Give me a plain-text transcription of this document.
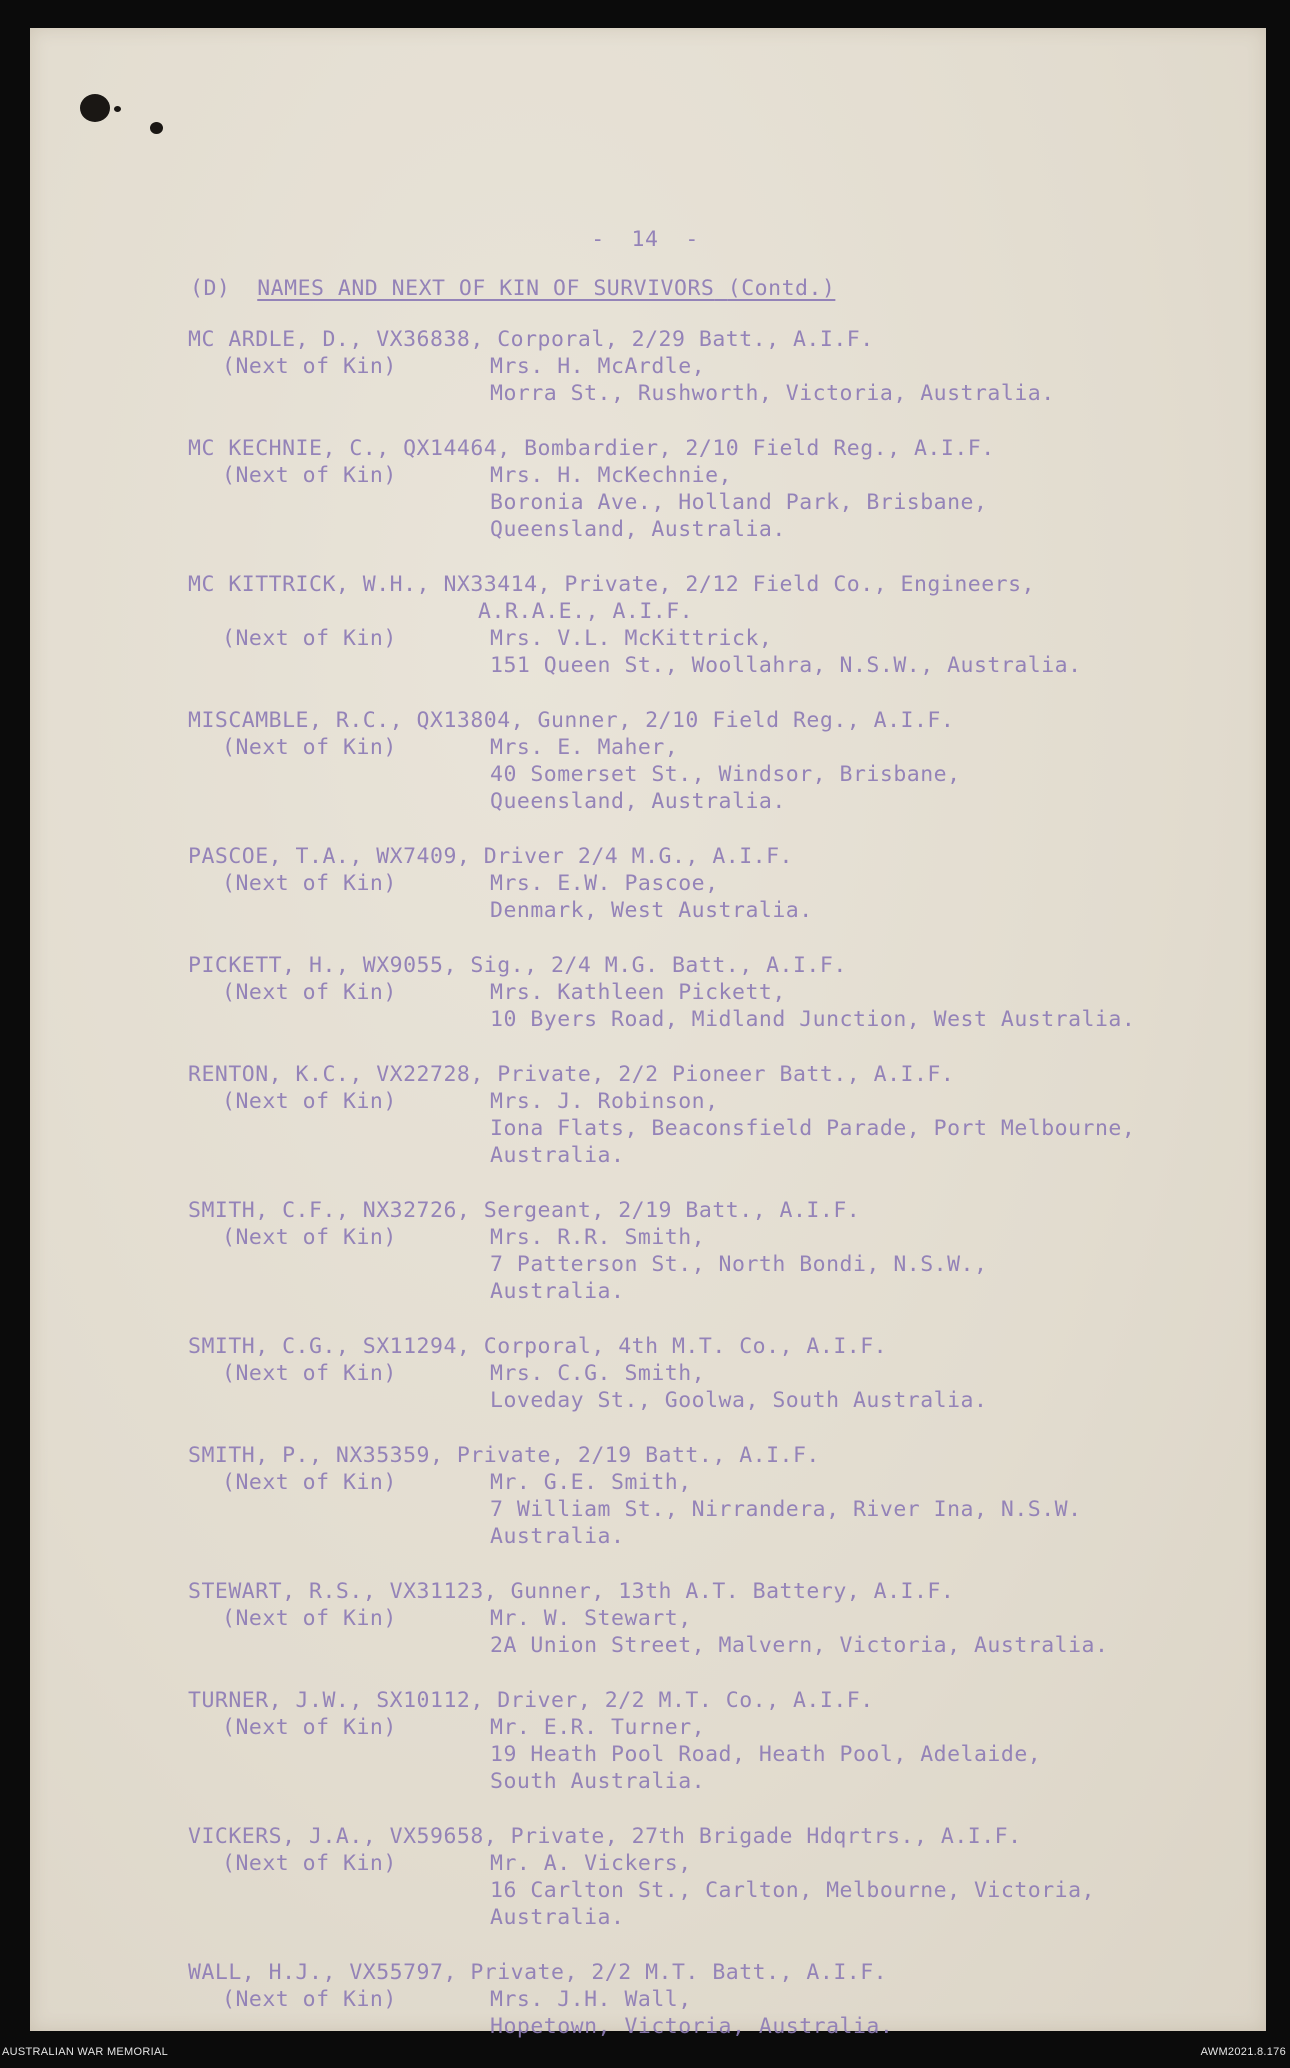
-  14  -
(D) NAMES AND NEXT OF KIN OF SURVIVORS (Contd.)
MC ARDLE, D., VX36838, Corporal, 2/29 Batt., A.I.F.
(Next of Kin)	Mrs. H. McArdle,
Morra St., Rushworth, Victoria, Australia.
MC KECHNIE, C., QX14464, Bombardier, 2/10 Field Reg., A.I.F.
(Next of Kin)	Mrs. H. McKechnie,
Boronia Ave., Holland Park, Brisbane,
Queensland, Australia.
MC KITTRICK, W.H., NX33414, Private, 2/12 Field Co., Engineers,
A.R.A.E., A.I.F.
(Next of Kin)	Mrs. V.L. McKittrick,
151 Queen St., Woollahra, N.S.W., Australia.
MISCAMBLE, R.C., QX13804, Gunner, 2/10 Field Reg., A.I.F.
(Next of Kin)	Mrs. E. Maher,
40 Somerset St., Windsor, Brisbane,
Queensland, Australia.
PASCOE, T.A., WX7409, Driver 2/4 M.G., A.I.F.
(Next of Kin)	Mrs. E.W. Pascoe,
Denmark, West Australia.
PICKETT, H., WX9055, Sig., 2/4 M.G. Batt., A.I.F.
(Next of Kin)	Mrs. Kathleen Pickett,
10 Byers Road, Midland Junction, West Australia.
RENTON, K.C., VX22728, Private, 2/2 Pioneer Batt., A.I.F.
(Next of Kin)	Mrs. J. Robinson,
Iona Flats, Beaconsfield Parade, Port Melbourne,
Australia.
SMITH, C.F., NX32726, Sergeant, 2/19 Batt., A.I.F.
(Next of Kin)	Mrs. R.R. Smith,
7 Patterson St., North Bondi, N.S.W.,
Australia.
SMITH, C.G., SX11294, Corporal, 4th M.T. Co., A.I.F.
(Next of Kin)	Mrs. C.G. Smith,
Loveday St., Goolwa, South Australia.
SMITH, P., NX35359, Private, 2/19 Batt., A.I.F.
(Next of Kin)	Mr. G.E. Smith,
7 William St., Nirrandera, River Ina, N.S.W.
Australia.
STEWART, R.S., VX31123, Gunner, 13th A.T. Battery, A.I.F.
(Next of Kin)	Mr. W. Stewart,
2A Union Street, Malvern, Victoria, Australia.
TURNER, J.W., SX10112, Driver, 2/2 M.T. Co., A.I.F.
(Next of Kin)	Mr. E.R. Turner,
19 Heath Pool Road, Heath Pool, Adelaide,
South Australia.
VICKERS, J.A., VX59658, Private, 27th Brigade Hdqrtrs., A.I.F.
(Next of Kin)	Mr. A. Vickers,
16 Carlton St., Carlton, Melbourne, Victoria,
Australia.
WALL, H.J., VX55797, Private, 2/2 M.T. Batt., A.I.F.
(Next of Kin)	Mrs. J.H. Wall,
Hopetown, Victoria, Australia.
AUSTRALIAN WAR MEMORIAL	AWM2021.8.176
